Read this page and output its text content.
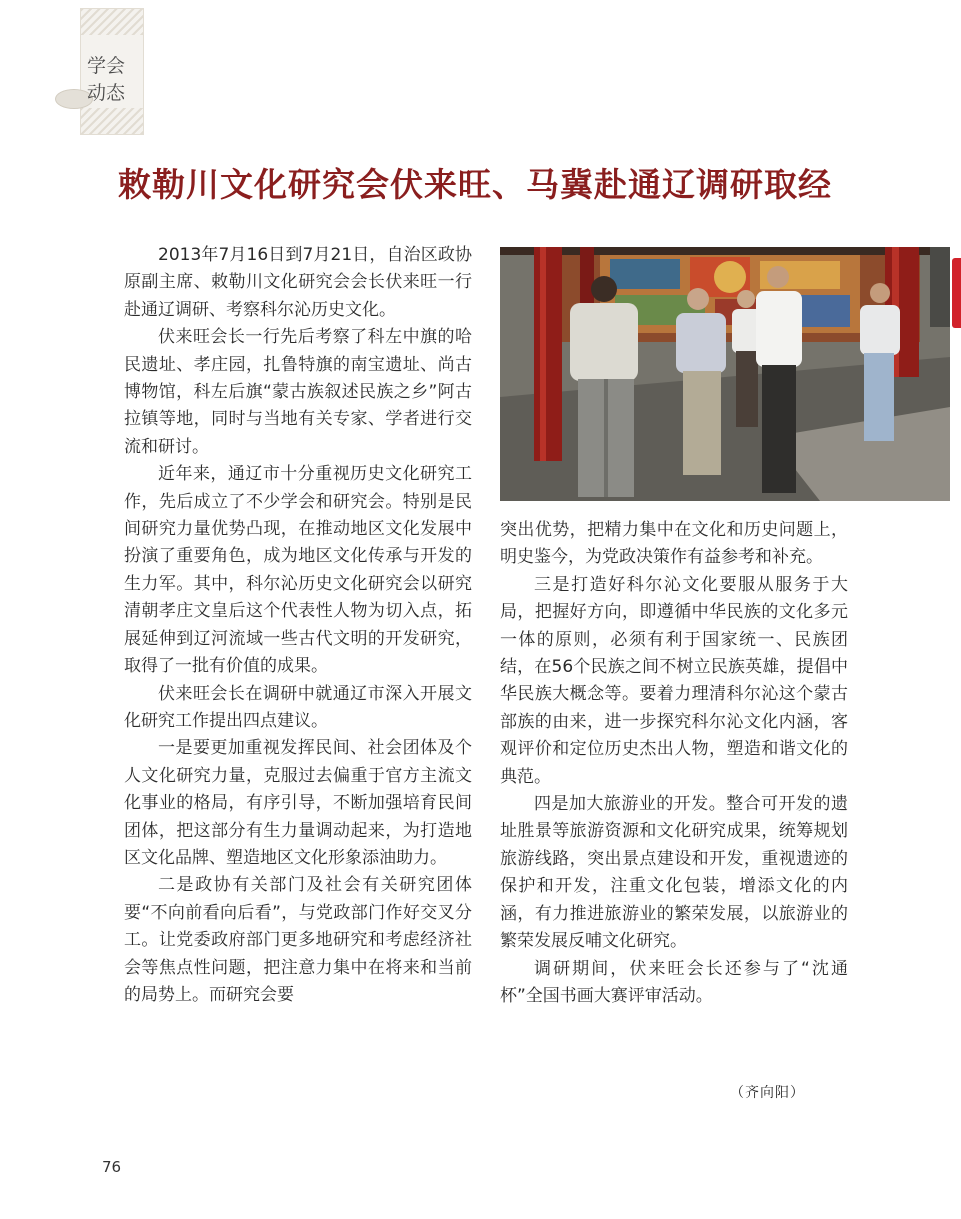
学会动态
敕勒川文化研究会伏来旺、马冀赴通辽调研取经

2013年7月16日到7月21日，自治区政协原副主席、敕勒川文化研究会会长伏来旺一行赴通辽调研、考察科尔沁历史文化。

伏来旺会长一行先后考察了科左中旗的哈民遗址、孝庄园，扎鲁特旗的南宝遗址、尚古博物馆，科左后旗“蒙古族叙述民族之乡”阿古拉镇等地，同时与当地有关专家、学者进行交流和研讨。

近年来，通辽市十分重视历史文化研究工作，先后成立了不少学会和研究会。特别是民间研究力量优势凸现，在推动地区文化发展中扮演了重要角色，成为地区文化传承与开发的生力军。其中，科尔沁历史文化研究会以研究清朝孝庄文皇后这个代表性人物为切入点，拓展延伸到辽河流域一些古代文明的开发研究，取得了一批有价值的成果。

伏来旺会长在调研中就通辽市深入开展文化研究工作提出四点建议。

一是要更加重视发挥民间、社会团体及个人文化研究力量，克服过去偏重于官方主流文化事业的格局，有序引导，不断加强培育民间团体，把这部分有生力量调动起来，为打造地区文化品牌、塑造地区文化形象添油助力。

二是政协有关部门及社会有关研究团体要“不向前看向后看”，与党政部门作好交叉分工。让党委政府部门更多地研究和考虑经济社会等焦点性问题，把注意力集中在将来和当前的局势上。而研究会要

突出优势，把精力集中在文化和历史问题上，明史鉴今，为党政决策作有益参考和补充。

三是打造好科尔沁文化要服从服务于大局，把握好方向，即遵循中华民族的文化多元一体的原则，必须有利于国家统一、民族团结，在56个民族之间不树立民族英雄，提倡中华民族大概念等。要着力理清科尔沁这个蒙古部族的由来，进一步探究科尔沁文化内涵，客观评价和定位历史杰出人物，塑造和谐文化的典范。

四是加大旅游业的开发。整合可开发的遗址胜景等旅游资源和文化研究成果，统筹规划旅游线路，突出景点建设和开发，重视遗迹的保护和开发，注重文化包装，增添文化的内涵，有力推进旅游业的繁荣发展，以旅游业的繁荣发展反哺文化研究。

调研期间，伏来旺会长还参与了“沈通杯”全国书画大赛评审活动。

（齐向阳）
76
